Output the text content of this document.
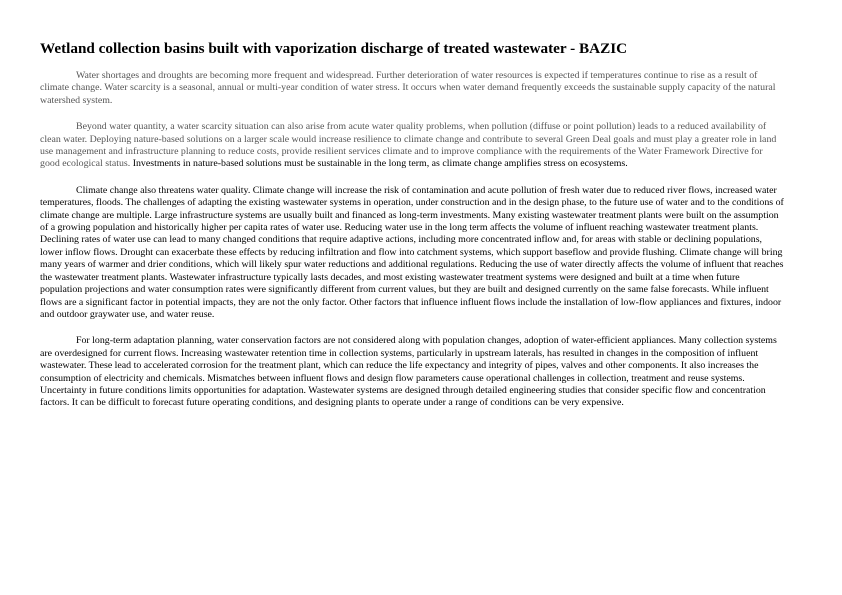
Wetland collection basins built with vaporization discharge of treated wastewater - BAZIC

Water shortages and droughts are becoming more frequent and widespread. Further deterioration of water resources is expected if temperatures continue to rise as a result of climate change. Water scarcity is a seasonal, annual or multi-year condition of water stress. It occurs when water demand frequently exceeds the sustainable supply capacity of the natural watershed system.

Beyond water quantity, a water scarcity situation can also arise from acute water quality problems, when pollution (diffuse or point pollution) leads to a reduced availability of clean water. Deploying nature-based solutions on a larger scale would increase resilience to climate change and contribute to several Green Deal goals and must play a greater role in land use management and infrastructure planning to reduce costs, provide resilient services climate and to improve compliance with the requirements of the Water Framework Directive for good ecological status. Investments in nature-based solutions must be sustainable in the long term, as climate change amplifies stress on ecosystems.

Climate change also threatens water quality. Climate change will increase the risk of contamination and acute pollution of fresh water due to reduced river flows, increased water temperatures, floods. The challenges of adapting the existing wastewater systems in operation, under construction and in the design phase, to the future use of water and to the conditions of climate change are multiple. Large infrastructure systems are usually built and financed as long-term investments. Many existing wastewater treatment plants were built on the assumption of a growing population and historically higher per capita rates of water use. Reducing water use in the long term affects the volume of influent reaching wastewater treatment plants. Declining rates of water use can lead to many changed conditions that require adaptive actions, including more concentrated inflow and, for areas with stable or declining populations, lower inflow flows. Drought can exacerbate these effects by reducing infiltration and flow into catchment systems, which support baseflow and provide flushing. Climate change will bring many years of warmer and drier conditions, which will likely spur water reductions and additional regulations. Reducing the use of water directly affects the volume of influent that reaches the wastewater treatment plants. Wastewater infrastructure typically lasts decades, and most existing wastewater treatment systems were designed and built at a time when future population projections and water consumption rates were significantly different from current values, but they are built and designed currently on the same false forecasts. While influent flows are a significant factor in potential impacts, they are not the only factor. Other factors that influence influent flows include the installation of low-flow appliances and fixtures, indoor and outdoor graywater use, and water reuse.

For long-term adaptation planning, water conservation factors are not considered along with population changes, adoption of water-efficient appliances. Many collection systems are overdesigned for current flows. Increasing wastewater retention time in collection systems, particularly in upstream laterals, has resulted in changes in the composition of influent wastewater. These lead to accelerated corrosion for the treatment plant, which can reduce the life expectancy and integrity of pipes, valves and other components. It also increases the consumption of electricity and chemicals. Mismatches between influent flows and design flow parameters cause operational challenges in collection, treatment and reuse systems. Uncertainty in future conditions limits opportunities for adaptation. Wastewater systems are designed through detailed engineering studies that consider specific flow and concentration factors. It can be difficult to forecast future operating conditions, and designing plants to operate under a range of conditions can be very expensive.
